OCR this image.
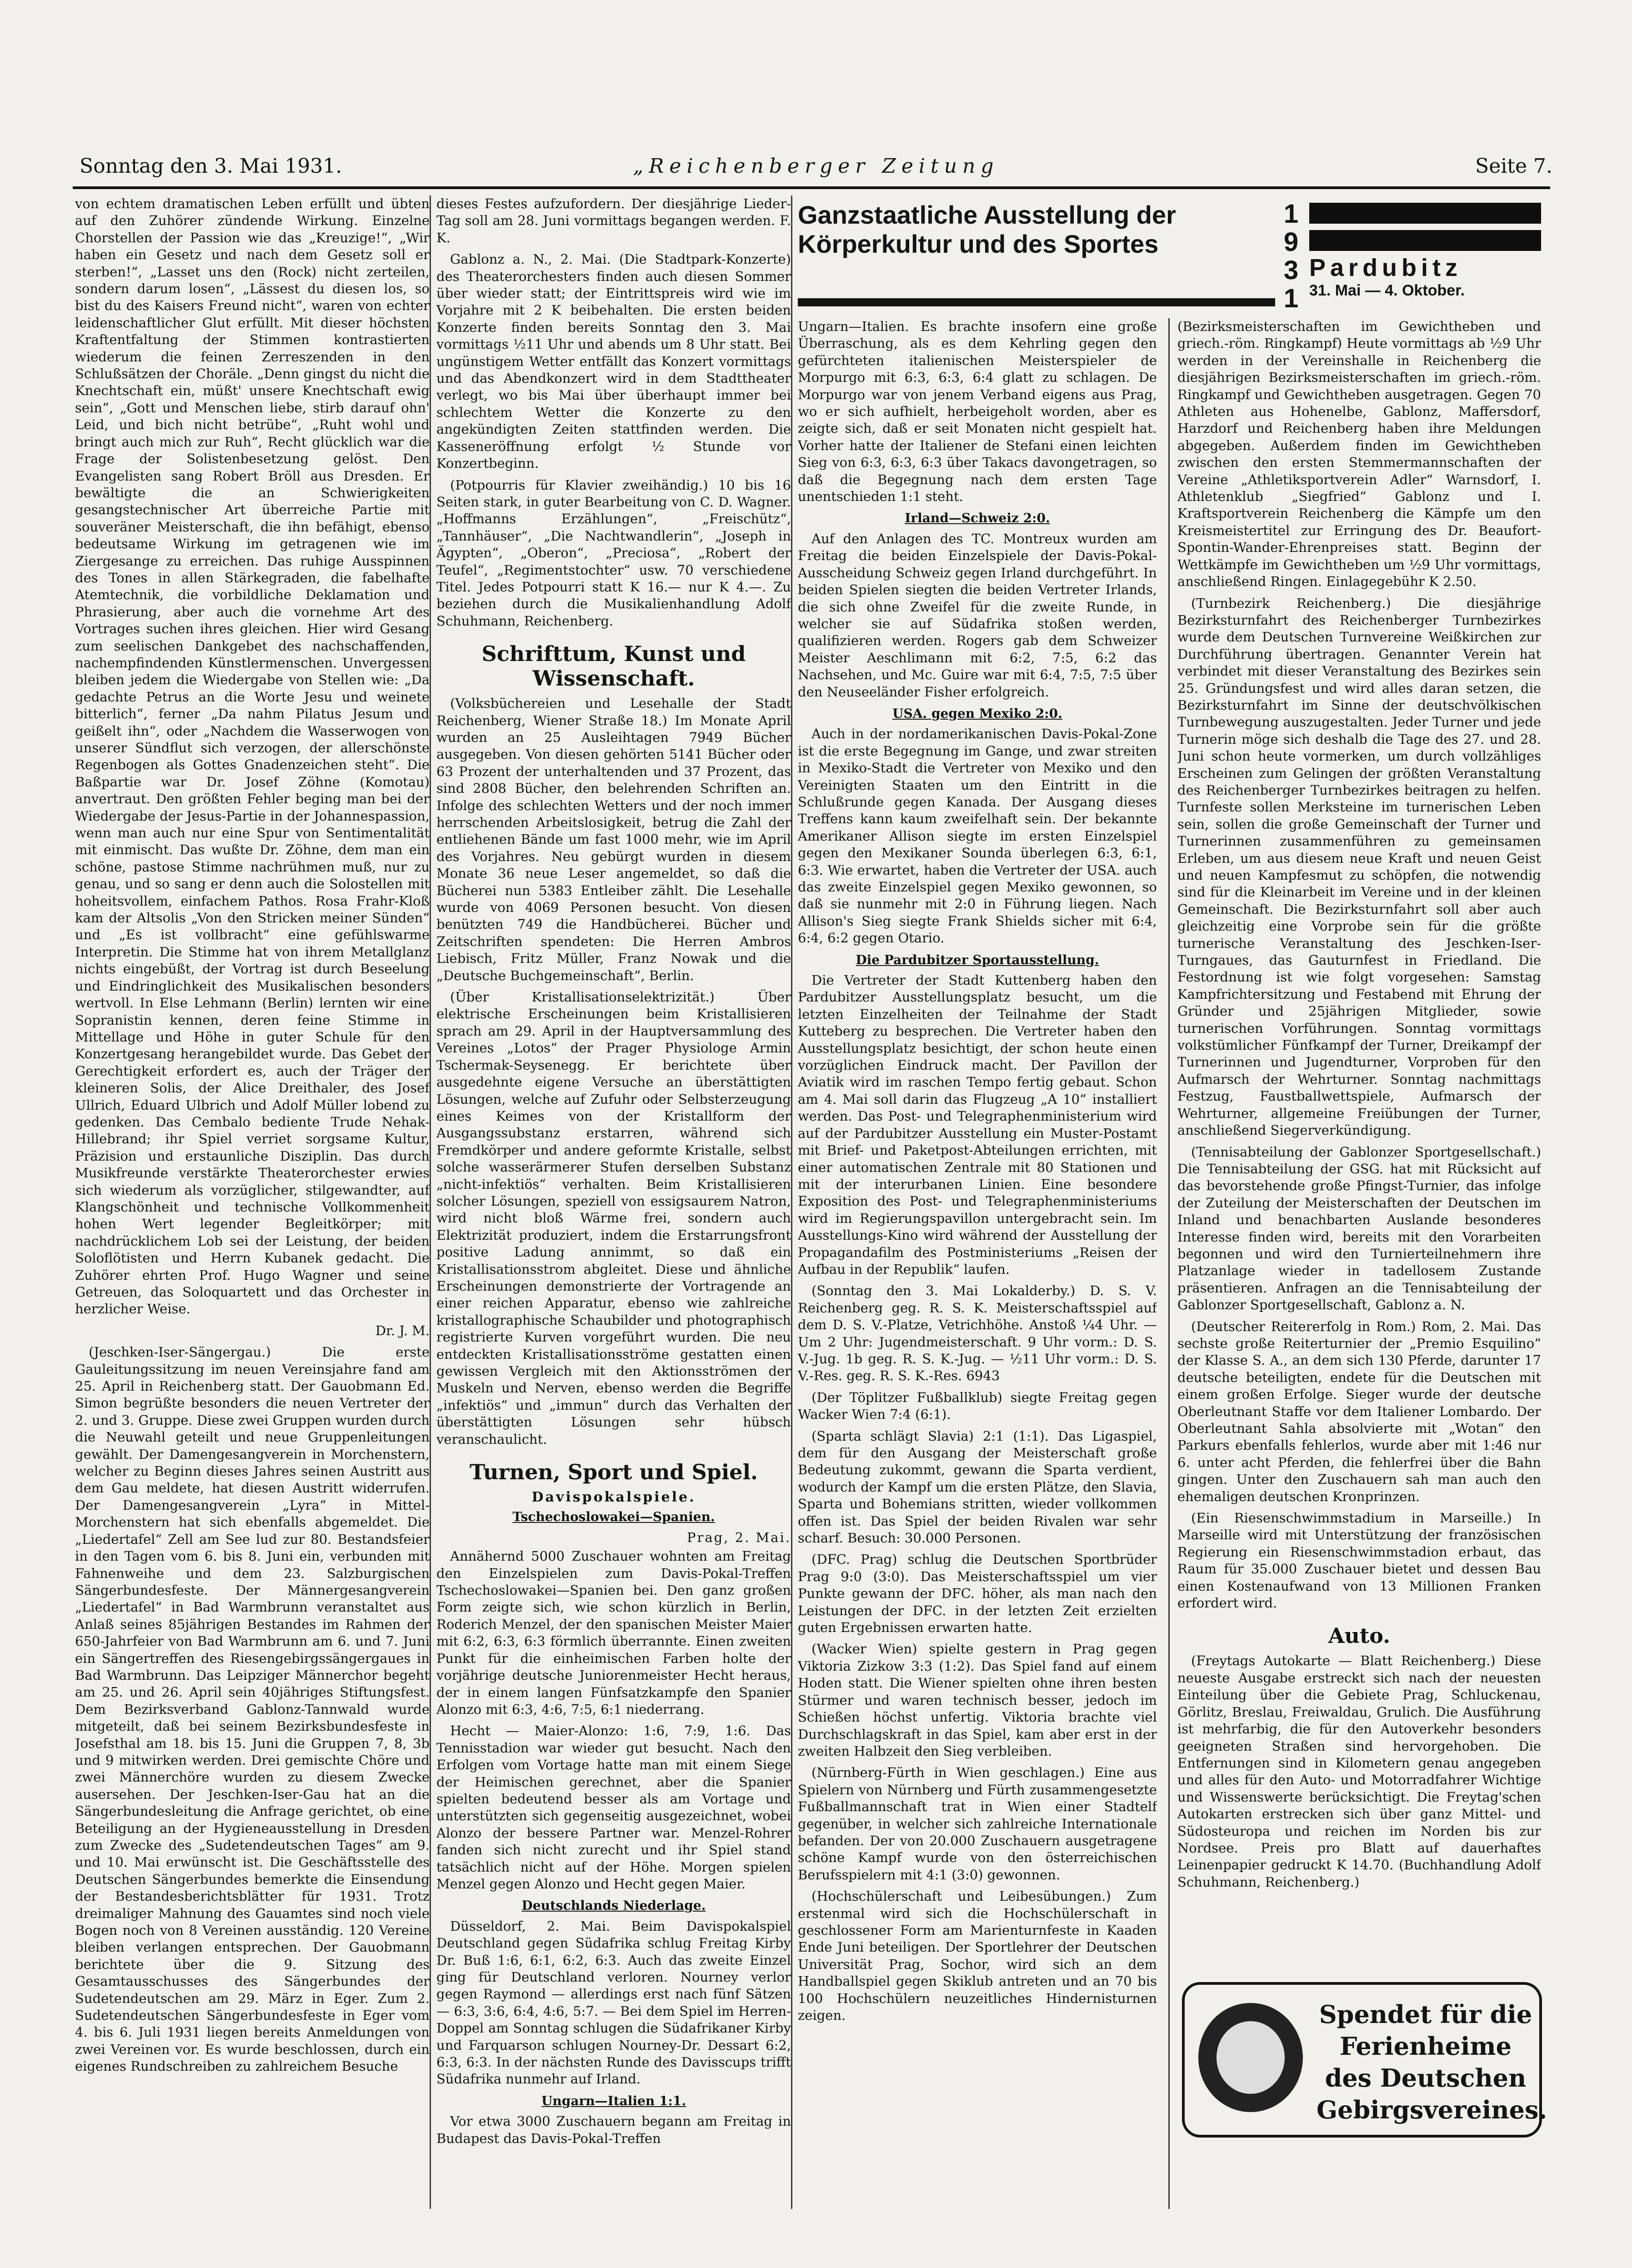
Sonntag den 3. Mai 1931.	„Reichenberger Zeitung	Seite 7.

von echtem dramatischen Leben erfüllt und übten auf den Zuhörer zündende Wirkung. Einzelne Chorstellen der Passion wie das „Kreuzige!“, „Wir haben ein Gesetz und nach dem Gesetz soll er sterben!“, „Lasset uns den (Rock) nicht zerteilen, sondern darum losen“, „Lässest du diesen los, so bist du des Kaisers Freund nicht“, waren von echter leidenschaftlicher Glut erfüllt. Mit dieser höchsten Kraftentfaltung der Stimmen kontrastierten wiederum die feinen Zerreszenden in den Schlußsätzen der Choräle. „Denn gingst du nicht die Knechtschaft ein, müßt' unsere Knechtschaft ewig sein“, „Gott und Menschen liebe, stirb darauf ohn' Leid, und bich nicht betrübe“, „Ruht wohl und bringt auch mich zur Ruh“, Recht glücklich war die Frage der Solistenbesetzung gelöst. Den Evangelisten sang Robert Bröll aus Dresden. Er bewältigte die an Schwierigkeiten gesangstechnischer Art überreiche Partie mit souveräner Meisterschaft, die ihn befähigt, ebenso bedeutsame Wirkung im getragenen wie im Ziergesange zu erreichen. Das ruhige Ausspinnen des Tones in allen Stärkegraden, die fabelhafte Atemtechnik, die vorbildliche Deklamation und Phrasierung, aber auch die vornehme Art des Vortrages suchen ihres gleichen. Hier wird Gesang zum seelischen Dankgebet des nachschaffenden, nachempfindenden Künstlermenschen. Unvergessen bleiben jedem die Wiedergabe von Stellen wie: „Da gedachte Petrus an die Worte Jesu und weinete bitterlich“, ferner „Da nahm Pilatus Jesum und geißelt ihn“, oder „Nachdem die Wasserwogen von unserer Sündflut sich verzogen, der allerschönste Regenbogen als Gottes Gnadenzeichen steht“. Die Baßpartie war Dr. Josef Zöhne (Komotau) anvertraut. Den größten Fehler beging man bei der Wiedergabe der Jesus-Partie in der Johannespassion, wenn man auch nur eine Spur von Sentimentalität mit einmischt. Das wußte Dr. Zöhne, dem man ein schöne, pastose Stimme nachrühmen muß, nur zu genau, und so sang er denn auch die Solostellen mit hoheitsvollem, einfachem Pathos. Rosa Frahr-Kloß kam der Altsolis „Von den Stricken meiner Sünden“ und „Es ist vollbracht“ eine gefühlswarme Interpretin. Die Stimme hat von ihrem Metallglanz nichts eingebüßt, der Vortrag ist durch Beseelung und Eindringlichkeit des Musikalischen besonders wertvoll. In Else Lehmann (Berlin) lernten wir eine Sopranistin kennen, deren feine Stimme in Mittellage und Höhe in guter Schule für den Konzertgesang herangebildet wurde. Das Gebet der Gerechtigkeit erfordert es, auch der Träger der kleineren Solis, der Alice Dreithaler, des Josef Ullrich, Eduard Ulbrich und Adolf Müller lobend zu gedenken. Das Cembalo bediente Trude Nehak-Hillebrand; ihr Spiel verriet sorgsame Kultur, Präzision und erstaunliche Disziplin. Das durch Musikfreunde verstärkte Theaterorchester erwies sich wiederum als vorzüglicher, stilgewandter, auf Klangschönheit und technische Vollkommenheit hohen Wert legender Begleitkörper; mit nachdrücklichem Lob sei der Leistung, der beiden Soloflötisten und Herrn Kubanek gedacht. Die Zuhörer ehrten Prof. Hugo Wagner und seine Getreuen, das Soloquartett und das Orchester in herzlicher Weise.

Dr. J. M.

(Jeschken-Iser-Sängergau.) Die erste Gauleitungssitzung im neuen Vereinsjahre fand am 25. April in Reichenberg statt. Der Gauobmann Ed. Simon begrüßte besonders die neuen Vertreter der 2. und 3. Gruppe. Diese zwei Gruppen wurden durch die Neuwahl geteilt und neue Gruppenleitungen gewählt. Der Damengesangverein in Morchenstern, welcher zu Beginn dieses Jahres seinen Austritt aus dem Gau meldete, hat diesen Austritt widerrufen. Der Damengesangverein „Lyra“ in Mittel-Morchenstern hat sich ebenfalls abgemeldet. Die „Liedertafel“ Zell am See lud zur 80. Bestandsfeier in den Tagen vom 6. bis 8. Juni ein, verbunden mit Fahnenweihe und dem 23. Salzburgischen Sängerbundesfeste. Der Männergesangverein „Liedertafel“ in Bad Warmbrunn veranstaltet aus Anlaß seines 85jährigen Bestandes im Rahmen der 650-Jahrfeier von Bad Warmbrunn am 6. und 7. Juni ein Sängertreffen des Riesengebirgssängergaues in Bad Warmbrunn. Das Leipziger Männerchor begeht am 25. und 26. April sein 40jähriges Stiftungsfest. Dem Bezirksverband Gablonz-Tannwald wurde mitgeteilt, daß bei seinem Bezirksbundesfeste in Josefsthal am 18. bis 15. Juni die Gruppen 7, 8, 3b und 9 mitwirken werden. Drei gemischte Chöre und zwei Männerchöre wurden zu diesem Zwecke ausersehen. Der Jeschken-Iser-Gau hat an die Sängerbundesleitung die Anfrage gerichtet, ob eine Beteiligung an der Hygieneausstellung in Dresden zum Zwecke des „Sudetendeutschen Tages“ am 9. und 10. Mai erwünscht ist. Die Geschäftsstelle des Deutschen Sängerbundes bemerkte die Einsendung der Bestandesberichtsblätter für 1931. Trotz dreimaliger Mahnung des Gauamtes sind noch viele Bogen noch von 8 Vereinen ausständig. 120 Vereine bleiben verlangen entsprechen. Der Gauobmann berichtete über die 9. Sitzung des Gesamtausschusses des Sängerbundes der Sudetendeutschen am 29. März in Eger. Zum 2. Sudetendeutschen Sängerbundesfeste in Eger vom 4. bis 6. Juli 1931 liegen bereits Anmeldungen von zwei Vereinen vor. Es wurde beschlossen, durch ein eigenes Rundschreiben zu zahlreichem Besuche

dieses Festes aufzufordern. Der diesjährige Lieder-Tag soll am 28. Juni vormittags begangen werden. F. K.

Gablonz a. N., 2. Mai. (Die Stadtpark-Konzerte) des Theaterorchesters finden auch diesen Sommer über wieder statt; der Eintrittspreis wird wie im Vorjahre mit 2 K beibehalten. Die ersten beiden Konzerte finden bereits Sonntag den 3. Mai vormittags ½11 Uhr und abends um 8 Uhr statt. Bei ungünstigem Wetter entfällt das Konzert vormittags und das Abendkonzert wird in dem Stadttheater verlegt, wo bis Mai über überhaupt immer bei schlechtem Wetter die Konzerte zu den angekündigten Zeiten stattfinden werden. Die Kasseneröffnung erfolgt ½ Stunde vor Konzertbeginn.

(Potpourris für Klavier zweihändig.) 10 bis 16 Seiten stark, in guter Bearbeitung von C. D. Wagner. „Hoffmanns Erzählungen“, „Freischütz“, „Tannhäuser“, „Die Nachtwandlerin“, „Joseph in Ägypten“, „Oberon“, „Preciosa“, „Robert der Teufel“, „Regimentstochter“ usw. 70 verschiedene Titel. Jedes Potpourri statt K 16.— nur K 4.—. Zu beziehen durch die Musikalienhandlung Adolf Schuhmann, Reichenberg.

Schrifttum, Kunst und Wissenschaft.

(Volksbüchereien und Lesehalle der Stadt Reichenberg, Wiener Straße 18.) Im Monate April wurden an 25 Ausleihtagen 7949 Bücher ausgegeben. Von diesen gehörten 5141 Bücher oder 63 Prozent der unterhaltenden und 37 Prozent, das sind 2808 Bücher, den belehrenden Schriften an. Infolge des schlechten Wetters und der noch immer herrschenden Arbeitslosigkeit, betrug die Zahl der entliehenen Bände um fast 1000 mehr, wie im April des Vorjahres. Neu gebürgt wurden in diesem Monate 36 neue Leser angemeldet, so daß die Bücherei nun 5383 Entleiber zählt. Die Lesehalle wurde von 4069 Personen besucht. Von diesen benützten 749 die Handbücherei. Bücher und Zeitschriften spendeten: Die Herren Ambros Liebisch, Fritz Müller, Franz Nowak und die „Deutsche Buchgemeinschaft“, Berlin.

(Über Kristallisationselektrizität.) Über elektrische Erscheinungen beim Kristallisieren sprach am 29. April in der Hauptversammlung des Vereines „Lotos“ der Prager Physiologe Armin Tschermak-Seysenegg. Er berichtete über ausgedehnte eigene Versuche an überstättigten Lösungen, welche auf Zufuhr oder Selbsterzeugung eines Keimes von der Kristallform der Ausgangssubstanz erstarren, während sich Fremdkörper und andere geformte Kristalle, selbst solche wasserärmerer Stufen derselben Substanz „nicht-infektiös“ verhalten. Beim Kristallisieren solcher Lösungen, speziell von essigsaurem Natron, wird nicht bloß Wärme frei, sondern auch Elektrizität produziert, indem die Erstarrungsfront positive Ladung annimmt, so daß ein Kristallisationsstrom abgleitet. Diese und ähnliche Erscheinungen demonstrierte der Vortragende an einer reichen Apparatur, ebenso wie zahlreiche kristallographische Schaubilder und photographisch registrierte Kurven vorgeführt wurden. Die neu entdeckten Kristallisationsströme gestatten einen gewissen Vergleich mit den Aktionsströmen der Muskeln und Nerven, ebenso werden die Begriffe „infektiös“ und „immun“ durch das Verhalten der überstättigten Lösungen sehr hübsch veranschaulicht.

Turnen, Sport und Spiel.
Davispokalspiele.
Tschechoslowakei—Spanien.
Prag, 2. Mai.

Annähernd 5000 Zuschauer wohnten am Freitag den Einzelspielen zum Davis-Pokal-Treffen Tschechoslowakei—Spanien bei. Den ganz großen Form zeigte sich, wie schon kürzlich in Berlin, Roderich Menzel, der den spanischen Meister Maier mit 6:2, 6:3, 6:3 förmlich überrannte. Einen zweiten Punkt für die einheimischen Farben holte der vorjährige deutsche Juniorenmeister Hecht heraus, der in einem langen Fünfsatzkampfe den Spanier Alonzo mit 6:3, 4:6, 7:5, 6:1 niederrang.

Hecht — Maier-Alonzo: 1:6, 7:9, 1:6. Das Tennisstadion war wieder gut besucht. Nach den Erfolgen vom Vortage hatte man mit einem Siege der Heimischen gerechnet, aber die Spanier spielten bedeutend besser als am Vortage und unterstützten sich gegenseitig ausgezeichnet, wobei Alonzo der bessere Partner war. Menzel-Rohrer fanden sich nicht zurecht und ihr Spiel stand tatsächlich nicht auf der Höhe. Morgen spielen Menzel gegen Alonzo und Hecht gegen Maier.

Deutschlands Niederlage.

Düsseldorf, 2. Mai. Beim Davispokalspiel Deutschland gegen Südafrika schlug Freitag Kirby Dr. Buß 1:6, 6:1, 6:2, 6:3. Auch das zweite Einzel ging für Deutschland verloren. Nourney verlor gegen Raymond — allerdings erst nach fünf Sätzen — 6:3, 3:6, 6:4, 4:6, 5:7. — Bei dem Spiel im Herren-Doppel am Sonntag schlugen die Südafrikaner Kirby und Farquarson schlugen Nourney-Dr. Dessart 6:2, 6:3, 6:3. In der nächsten Runde des Davisscups trifft Südafrika nunmehr auf Irland.

Ungarn—Italien 1:1.

Vor etwa 3000 Zuschauern begann am Freitag in Budapest das Davis-Pokal-Treffen

Ganzstaatliche Ausstellung der
Körperkultur und des Sportes
1
9
3
1
Pardubitz
31. Mai — 4. Oktober.

Ungarn—Italien. Es brachte insofern eine große Überraschung, als es dem Kehrling gegen den gefürchteten italienischen Meisterspieler de Morpurgo mit 6:3, 6:3, 6:4 glatt zu schlagen. De Morpurgo war von jenem Verband eigens aus Prag, wo er sich aufhielt, herbeigeholt worden, aber es zeigte sich, daß er seit Monaten nicht gespielt hat. Vorher hatte der Italiener de Stefani einen leichten Sieg von 6:3, 6:3, 6:3 über Takacs davongetragen, so daß die Begegnung nach dem ersten Tage unentschieden 1:1 steht.

Irland—Schweiz 2:0.

Auf den Anlagen des TC. Montreux wurden am Freitag die beiden Einzelspiele der Davis-Pokal-Ausscheidung Schweiz gegen Irland durchgeführt. In beiden Spielen siegten die beiden Vertreter Irlands, die sich ohne Zweifel für die zweite Runde, in welcher sie auf Südafrika stoßen werden, qualifizieren werden. Rogers gab dem Schweizer Meister Aeschlimann mit 6:2, 7:5, 6:2 das Nachsehen, und Mc. Guire war mit 6:4, 7:5, 7:5 über den Neuseeländer Fisher erfolgreich.

USA. gegen Mexiko 2:0.

Auch in der nordamerikanischen Davis-Pokal-Zone ist die erste Begegnung im Gange, und zwar streiten in Mexiko-Stadt die Vertreter von Mexiko und den Vereinigten Staaten um den Eintritt in die Schlußrunde gegen Kanada. Der Ausgang dieses Treffens kann kaum zweifelhaft sein. Der bekannte Amerikaner Allison siegte im ersten Einzelspiel gegen den Mexikaner Sounda überlegen 6:3, 6:1, 6:3. Wie erwartet, haben die Vertreter der USA. auch das zweite Einzelspiel gegen Mexiko gewonnen, so daß sie nunmehr mit 2:0 in Führung liegen. Nach Allison's Sieg siegte Frank Shields sicher mit 6:4, 6:4, 6:2 gegen Otario.

Die Pardubitzer Sportausstellung.

Die Vertreter der Stadt Kuttenberg haben den Pardubitzer Ausstellungsplatz besucht, um die letzten Einzelheiten der Teilnahme der Stadt Kutteberg zu besprechen. Die Vertreter haben den Ausstellungsplatz besichtigt, der schon heute einen vorzüglichen Eindruck macht. Der Pavillon der Aviatik wird im raschen Tempo fertig gebaut. Schon am 4. Mai soll darin das Flugzeug „A 10“ installiert werden. Das Post- und Telegraphenministerium wird auf der Pardubitzer Ausstellung ein Muster-Postamt mit Brief- und Paketpost-Abteilungen errichten, mit einer automatischen Zentrale mit 80 Stationen und mit der interurbanen Linien. Eine besondere Exposition des Post- und Telegraphenministeriums wird im Regierungspavillon untergebracht sein. Im Ausstellungs-Kino wird während der Ausstellung der Propagandafilm des Postministeriums „Reisen der Aufbau in der Republik“ laufen.

(Sonntag den 3. Mai Lokalderby.) D. S. V. Reichenberg geg. R. S. K. Meisterschaftsspiel auf dem D. S. V.-Platze, Vetrichhöhe. Anstoß ¼4 Uhr. — Um 2 Uhr: Jugendmeisterschaft. 9 Uhr vorm.: D. S. V.-Jug. 1b geg. R. S. K.-Jug. — ½11 Uhr vorm.: D. S. V.-Res. geg. R. S. K.-Res. 6943

(Der Töplitzer Fußballklub) siegte Freitag gegen Wacker Wien 7:4 (6:1).

(Sparta schlägt Slavia) 2:1 (1:1). Das Ligaspiel, dem für den Ausgang der Meisterschaft große Bedeutung zukommt, gewann die Sparta verdient, wodurch der Kampf um die ersten Plätze, den Slavia, Sparta und Bohemians stritten, wieder vollkommen offen ist. Das Spiel der beiden Rivalen war sehr scharf. Besuch: 30.000 Personen.

(DFC. Prag) schlug die Deutschen Sportbrüder Prag 9:0 (3:0). Das Meisterschaftsspiel um vier Punkte gewann der DFC. höher, als man nach den Leistungen der DFC. in der letzten Zeit erzielten guten Ergebnissen erwarten hatte.

(Wacker Wien) spielte gestern in Prag gegen Viktoria Zizkow 3:3 (1:2). Das Spiel fand auf einem Hoden statt. Die Wiener spielten ohne ihren besten Stürmer und waren technisch besser, jedoch im Schießen höchst unfertig. Viktoria brachte viel Durchschlagskraft in das Spiel, kam aber erst in der zweiten Halbzeit den Sieg verbleiben.

(Nürnberg-Fürth in Wien geschlagen.) Eine aus Spielern von Nürnberg und Fürth zusammengesetzte Fußballmannschaft trat in Wien einer Stadtelf gegenüber, in welcher sich zahlreiche Internationale befanden. Der von 20.000 Zuschauern ausgetragene schöne Kampf wurde von den österreichischen Berufsspielern mit 4:1 (3:0) gewonnen.

(Hochschülerschaft und Leibesübungen.) Zum erstenmal wird sich die Hochschülerschaft in geschlossener Form am Marienturnfeste in Kaaden Ende Juni beteiligen. Der Sportlehrer der Deutschen Universität Prag, Sochor, wird sich an dem Handballspiel gegen Skiklub antreten und an 70 bis 100 Hochschülern neuzeitliches Hindernisturnen zeigen.

(Bezirksmeisterschaften im Gewichtheben und griech.-röm. Ringkampf) Heute vormittags ab ½9 Uhr werden in der Vereinshalle in Reichenberg die diesjährigen Bezirksmeisterschaften im griech.-röm. Ringkampf und Gewichtheben ausgetragen. Gegen 70 Athleten aus Hohenelbe, Gablonz, Maffersdorf, Harzdorf und Reichenberg haben ihre Meldungen abgegeben. Außerdem finden im Gewichtheben zwischen den ersten Stemmermannschaften der Vereine „Athletiksportverein Adler“ Warnsdorf, I. Athletenklub „Siegfried“ Gablonz und I. Kraftsportverein Reichenberg die Kämpfe um den Kreismeistertitel zur Erringung des Dr. Beaufort-Spontin-Wander-Ehrenpreises statt. Beginn der Wettkämpfe im Gewichtheben um ½9 Uhr vormittags, anschließend Ringen. Einlagegebühr K 2.50.

(Turnbezirk Reichenberg.) Die diesjährige Bezirksturnfahrt des Reichenberger Turnbezirkes wurde dem Deutschen Turnvereine Weißkirchen zur Durchführung übertragen. Genannter Verein hat verbindet mit dieser Veranstaltung des Bezirkes sein 25. Gründungsfest und wird alles daran setzen, die Bezirksturnfahrt im Sinne der deutschvölkischen Turnbewegung auszugestalten. Jeder Turner und jede Turnerin möge sich deshalb die Tage des 27. und 28. Juni schon heute vormerken, um durch vollzähliges Erscheinen zum Gelingen der größten Veranstaltung des Reichenberger Turnbezirkes beitragen zu helfen. Turnfeste sollen Merksteine im turnerischen Leben sein, sollen die große Gemeinschaft der Turner und Turnerinnen zusammenführen zu gemeinsamen Erleben, um aus diesem neue Kraft und neuen Geist und neuen Kampfesmut zu schöpfen, die notwendig sind für die Kleinarbeit im Vereine und in der kleinen Gemeinschaft. Die Bezirksturnfahrt soll aber auch gleichzeitig eine Vorprobe sein für die größte turnerische Veranstaltung des Jeschken-Iser-Turngaues, das Gauturnfest in Friedland. Die Festordnung ist wie folgt vorgesehen: Samstag Kampfrichtersitzung und Festabend mit Ehrung der Gründer und 25jährigen Mitglieder, sowie turnerischen Vorführungen. Sonntag vormittags volkstümlicher Fünfkampf der Turner, Dreikampf der Turnerinnen und Jugendturner, Vorproben für den Aufmarsch der Wehrturner. Sonntag nachmittags Festzug, Faustballwettspiele, Aufmarsch der Wehrturner, allgemeine Freiübungen der Turner, anschließend Siegerverkündigung.

(Tennisabteilung der Gablonzer Sportgesellschaft.) Die Tennisabteilung der GSG. hat mit Rücksicht auf das bevorstehende große Pfingst-Turnier, das infolge der Zuteilung der Meisterschaften der Deutschen im Inland und benachbarten Auslande besonderes Interesse finden wird, bereits mit den Vorarbeiten begonnen und wird den Turnierteilnehmern ihre Platzanlage wieder in tadellosem Zustande präsentieren. Anfragen an die Tennisabteilung der Gablonzer Sportgesellschaft, Gablonz a. N.

(Deutscher Reitererfolg in Rom.) Rom, 2. Mai. Das sechste große Reiterturnier der „Premio Esquilino“ der Klasse S. A., an dem sich 130 Pferde, darunter 17 deutsche beteiligten, endete für die Deutschen mit einem großen Erfolge. Sieger wurde der deutsche Oberleutnant Staffe vor dem Italiener Lombardo. Der Oberleutnant Sahla absolvierte mit „Wotan“ den Parkurs ebenfalls fehlerlos, wurde aber mit 1:46 nur 6. unter acht Pferden, die fehlerfrei über die Bahn gingen. Unter den Zuschauern sah man auch den ehemaligen deutschen Kronprinzen.

(Ein Riesenschwimmstadium in Marseille.) In Marseille wird mit Unterstützung der französischen Regierung ein Riesenschwimmstadion erbaut, das Raum für 35.000 Zuschauer bietet und dessen Bau einen Kostenaufwand von 13 Millionen Franken erfordert wird.

Auto.

(Freytags Autokarte — Blatt Reichenberg.) Diese neueste Ausgabe erstreckt sich nach der neuesten Einteilung über die Gebiete Prag, Schluckenau, Görlitz, Breslau, Freiwaldau, Grulich. Die Ausführung ist mehrfarbig, die für den Autoverkehr besonders geeigneten Straßen sind hervorgehoben. Die Entfernungen sind in Kilometern genau angegeben und alles für den Auto- und Motorradfahrer Wichtige und Wissenswerte berücksichtigt. Die Freytag'schen Autokarten erstrecken sich über ganz Mittel- und Südosteuropa und reichen im Norden bis zur Nordsee. Preis pro Blatt auf dauerhaftes Leinenpapier gedruckt K 14.70. (Buchhandlung Adolf Schuhmann, Reichenberg.)

Spendet für die
Ferienheime
des Deutschen
Gebirgsvereines.
